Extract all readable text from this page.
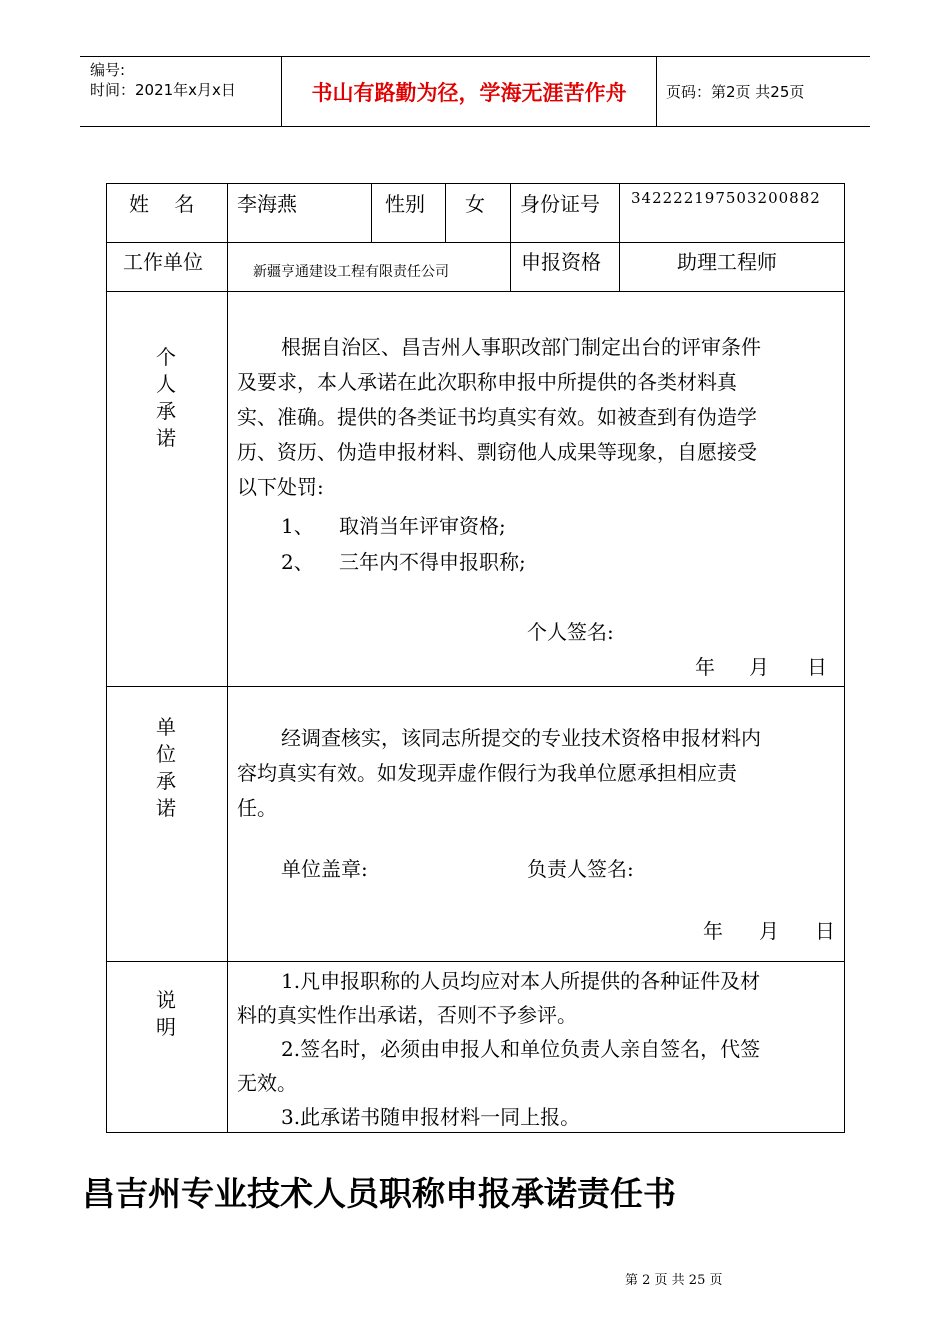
编号:
时间：2021年x月x日	书山有路勤为径，学海无涯苦作舟	页码：第2页 共25页
姓    名 李海燕	性别 女 身份证号 342222197503200882
工作单位	新疆亨通建设工程有限责任公司	申报资格	助理工程师
个
人
承
诺
根据自治区、昌吉州人事职改部门制定出台的评审条件
及要求，本人承诺在此次职称申报中所提供的各类材料真
实、准确。提供的各类证书均真实有效。如被查到有伪造学
历、资历、伪造申报材料、剽窃他人成果等现象，自愿接受
以下处罚:
1、 取消当年评审资格;
2、 三年内不得申报职称;
个人签名:
年 月 日
单
位
承
诺
经调查核实，该同志所提交的专业技术资格申报材料内
容均真实有效。如发现弄虚作假行为我单位愿承担相应责
任。
单位盖章:	负责人签名:
年 月 日
说
明
1.凡申报职称的人员均应对本人所提供的各种证件及材
料的真实性作出承诺，否则不予参评。
2.签名时，必须由申报人和单位负责人亲自签名，代签
无效。
3.此承诺书随申报材料一同上报。
昌吉州专业技术人员职称申报承诺责任书
第 2 页 共 25 页
